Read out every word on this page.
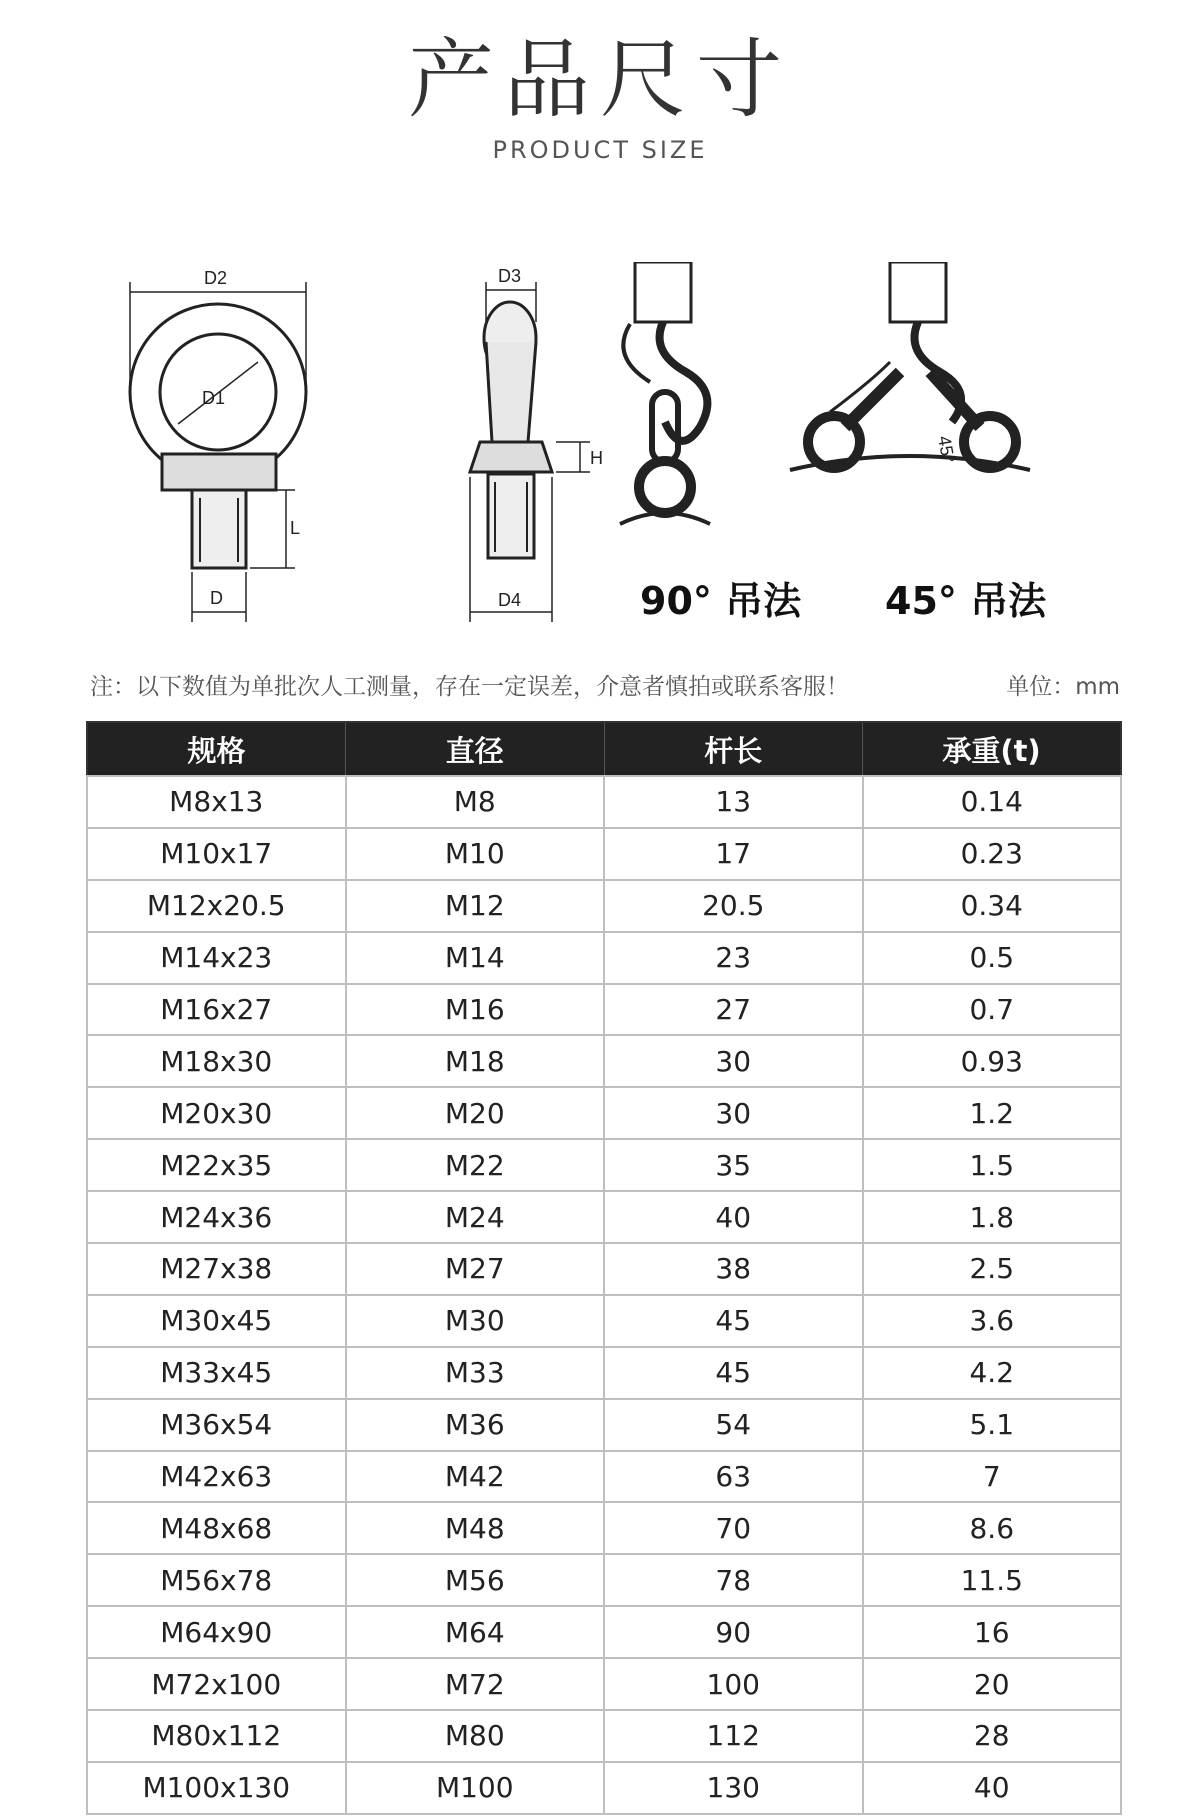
产品尺寸
PRODUCT SIZE
D2
D1
L
D
D3
H
D4
45°
90° 吊法 45° 吊法
注：以下数值为单批次人工测量，存在一定误差，介意者慎拍或联系客服！	单位：mm
规格	直径	杆长	承重(t)
M8x13	M8	13	0.14
M10x17	M10	17	0.23
M12x20.5	M12	20.5	0.34
M14x23	M14	23	0.5
M16x27	M16	27	0.7
M18x30	M18	30	0.93
M20x30	M20	30	1.2
M22x35	M22	35	1.5
M24x36	M24	40	1.8
M27x38	M27	38	2.5
M30x45	M30	45	3.6
M33x45	M33	45	4.2
M36x54	M36	54	5.1
M42x63	M42	63	7
M48x68	M48	70	8.6
M56x78	M56	78	11.5
M64x90	M64	90	16
M72x100	M72	100	20
M80x112	M80	112	28
M100x130	M100	130	40
